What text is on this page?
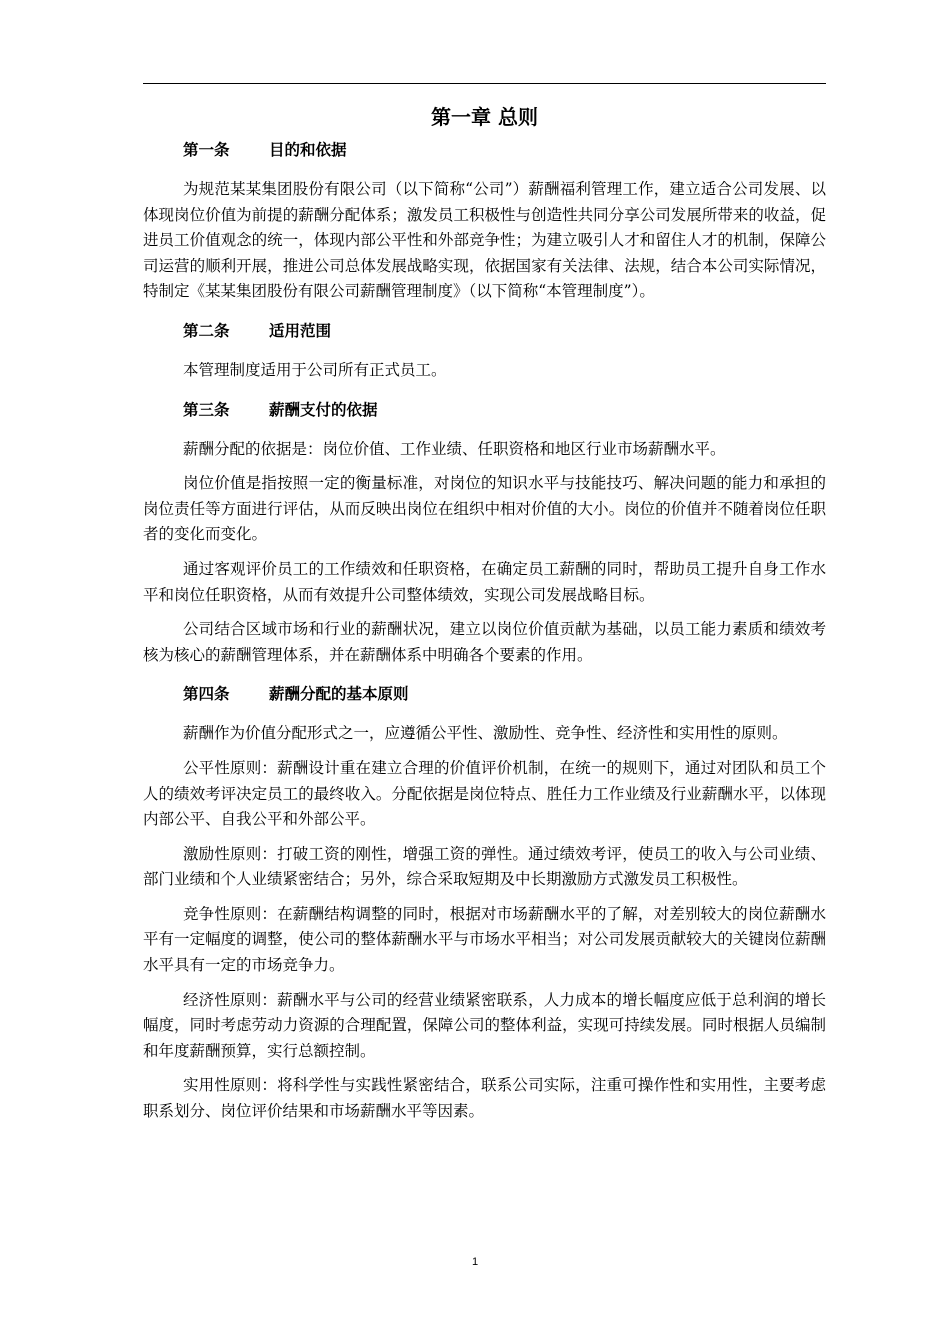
第一章 总则
第一条	目的和依据

为规范某某集团股份有限公司（以下简称“公司”）薪酬福利管理工作，建立适合公司发展、以体现岗位价值为前提的薪酬分配体系；激发员工积极性与创造性共同分享公司发展所带来的收益，促进员工价值观念的统一，体现内部公平性和外部竞争性；为建立吸引人才和留住人才的机制，保障公司运营的顺利开展，推进公司总体发展战略实现，依据国家有关法律、法规，结合本公司实际情况，特制定《某某集团股份有限公司薪酬管理制度》（以下简称“本管理制度”）。

第二条	适用范围

本管理制度适用于公司所有正式员工。

第三条	薪酬支付的依据

薪酬分配的依据是：岗位价值、工作业绩、任职资格和地区行业市场薪酬水平。

岗位价值是指按照一定的衡量标准，对岗位的知识水平与技能技巧、解决问题的能力和承担的岗位责任等方面进行评估，从而反映出岗位在组织中相对价值的大小。岗位的价值并不随着岗位任职者的变化而变化。

通过客观评价员工的工作绩效和任职资格，在确定员工薪酬的同时，帮助员工提升自身工作水平和岗位任职资格，从而有效提升公司整体绩效，实现公司发展战略目标。

公司结合区域市场和行业的薪酬状况，建立以岗位价值贡献为基础，以员工能力素质和绩效考核为核心的薪酬管理体系，并在薪酬体系中明确各个要素的作用。

第四条	薪酬分配的基本原则

薪酬作为价值分配形式之一，应遵循公平性、激励性、竞争性、经济性和实用性的原则。

公平性原则：薪酬设计重在建立合理的价值评价机制，在统一的规则下，通过对团队和员工个人的绩效考评决定员工的最终收入。分配依据是岗位特点、胜任力工作业绩及行业薪酬水平，以体现内部公平、自我公平和外部公平。

激励性原则：打破工资的刚性，增强工资的弹性。通过绩效考评，使员工的收入与公司业绩、部门业绩和个人业绩紧密结合；另外，综合采取短期及中长期激励方式激发员工积极性。

竞争性原则：在薪酬结构调整的同时，根据对市场薪酬水平的了解，对差别较大的岗位薪酬水平有一定幅度的调整，使公司的整体薪酬水平与市场水平相当；对公司发展贡献较大的关键岗位薪酬水平具有一定的市场竞争力。

经济性原则：薪酬水平与公司的经营业绩紧密联系，人力成本的增长幅度应低于总利润的增长幅度，同时考虑劳动力资源的合理配置，保障公司的整体利益，实现可持续发展。同时根据人员编制和年度薪酬预算，实行总额控制。

实用性原则：将科学性与实践性紧密结合，联系公司实际，注重可操作性和实用性，主要考虑职系划分、岗位评价结果和市场薪酬水平等因素。

1
